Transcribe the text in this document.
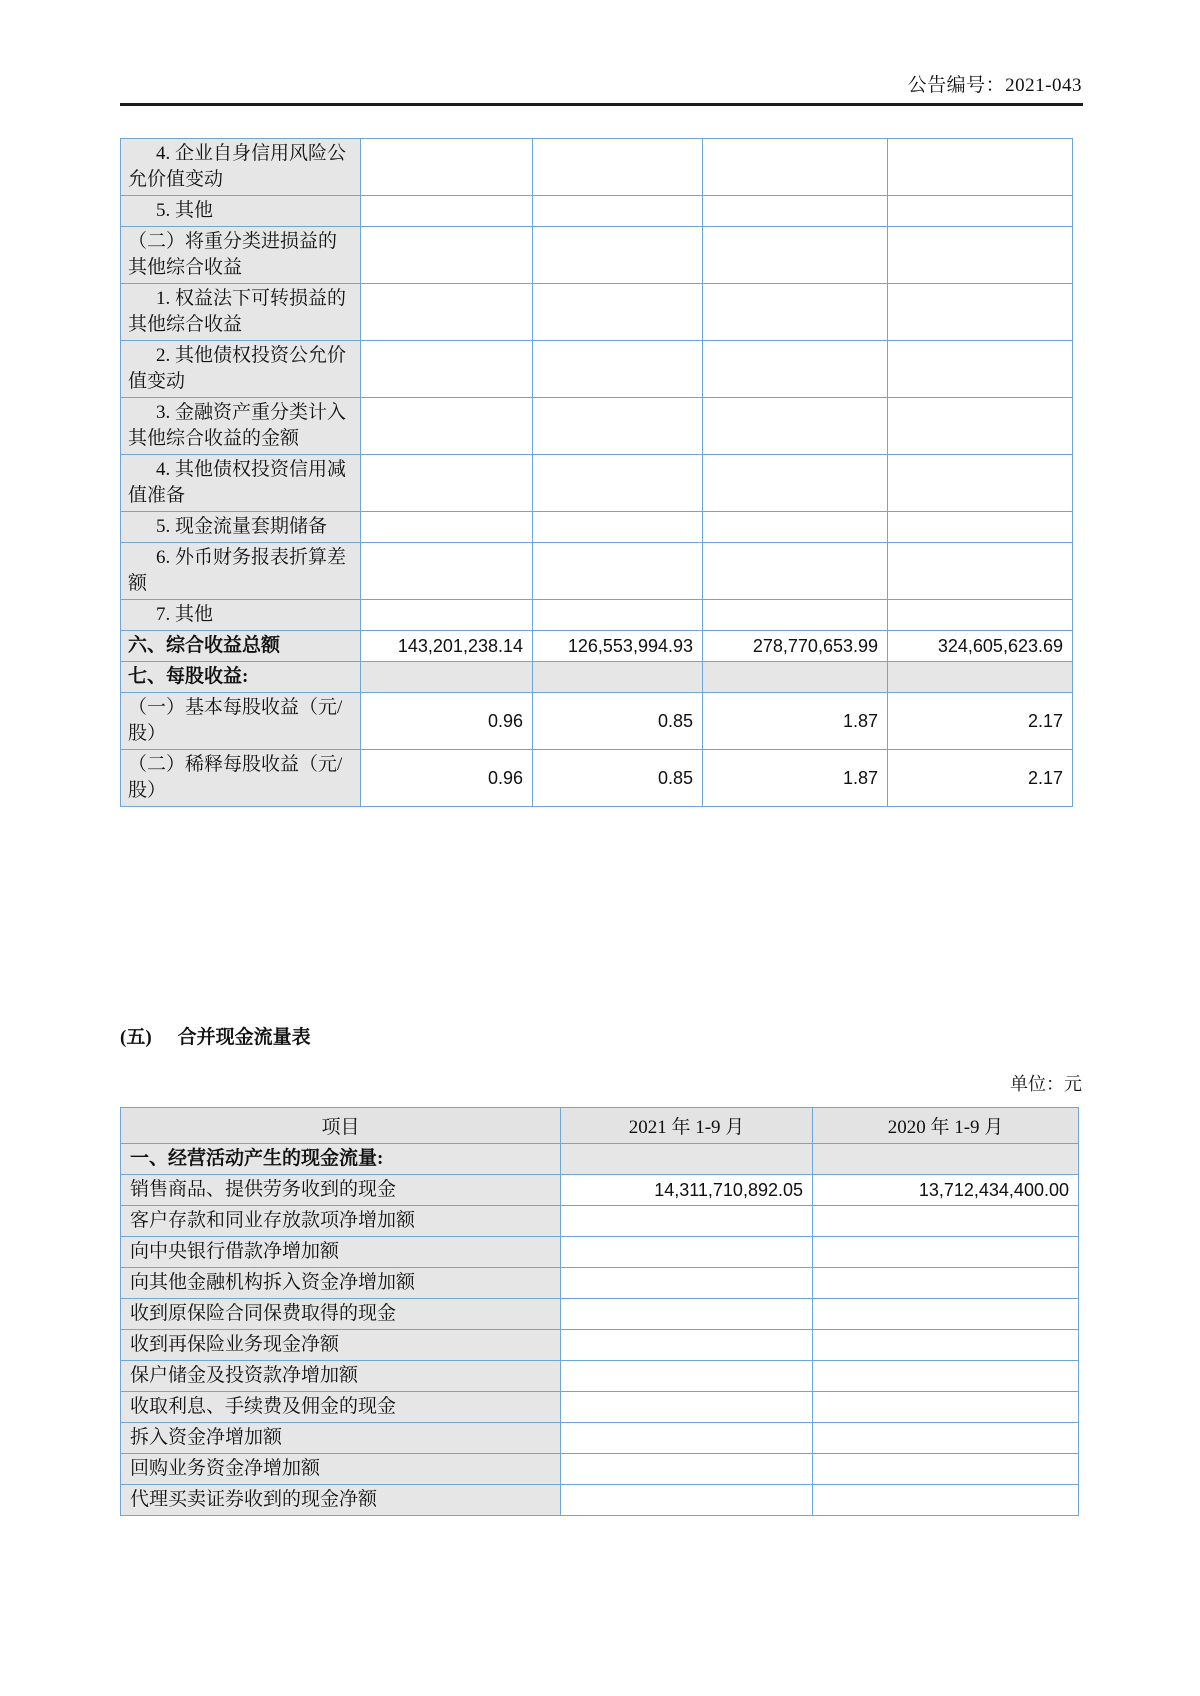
公告编号：2021-043
4. 企业自身信用风险公允价值变动				
5. 其他				
（二）将重分类进损益的其他综合收益				
1. 权益法下可转损益的其他综合收益				
2. 其他债权投资公允价值变动				
3. 金融资产重分类计入其他综合收益的金额				
4. 其他债权投资信用减值准备				
5. 现金流量套期储备				
6. 外币财务报表折算差额				
7. 其他				
六、综合收益总额	143,201,238.14	126,553,994.93	278,770,653.99	324,605,623.69
七、每股收益:				
（一）基本每股收益（元/股）	0.96	0.85	1.87	2.17
（二）稀释每股收益（元/股）	0.96	0.85	1.87	2.17
(五) 合并现金流量表
单位：元
项目	2021 年 1-9 月	2020 年 1-9 月
一、经营活动产生的现金流量:		
销售商品、提供劳务收到的现金	14,311,710,892.05	13,712,434,400.00
客户存款和同业存放款项净增加额		
向中央银行借款净增加额		
向其他金融机构拆入资金净增加额		
收到原保险合同保费取得的现金		
收到再保险业务现金净额		
保户储金及投资款净增加额		
收取利息、手续费及佣金的现金		
拆入资金净增加额		
回购业务资金净增加额		
代理买卖证券收到的现金净额		
